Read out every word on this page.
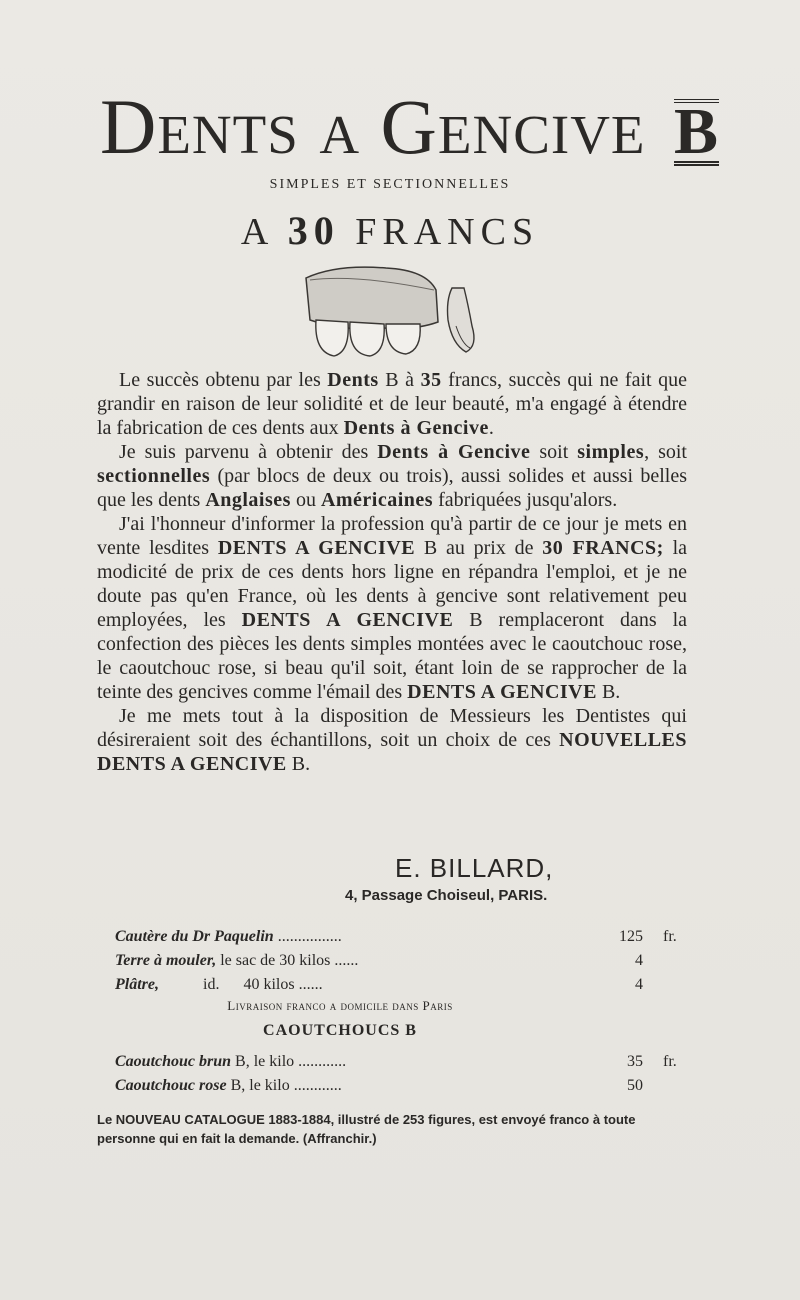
Dents a Gencive B
SIMPLES ET SECTIONNELLES
A 30 FRANCS

Le succès obtenu par les Dents B à 35 francs, succès qui ne fait que grandir en raison de leur solidité et de leur beauté, m'a engagé à étendre la fabrication de ces dents aux Dents à Gencive.

Je suis parvenu à obtenir des Dents à Gencive soit simples, soit sectionnelles (par blocs de deux ou trois), aussi solides et aussi belles que les dents Anglaises ou Américaines fabriquées jusqu'alors.

J'ai l'honneur d'informer la profession qu'à partir de ce jour je mets en vente lesdites DENTS A GENCIVE B au prix de 30 FRANCS; la modicité de prix de ces dents hors ligne en répandra l'emploi, et je ne doute pas qu'en France, où les dents à gencive sont relativement peu employées, les DENTS A GENCIVE B remplaceront dans la confection des pièces les dents simples montées avec le caoutchouc rose, le caoutchouc rose, si beau qu'il soit, étant loin de se rapprocher de la teinte des gencives comme l'émail des DENTS A GENCIVE B.

Je me mets tout à la disposition de Messieurs les Dentistes qui désireraient soit des échantillons, soit un choix de ces NOUVELLES DENTS A GENCIVE B.

E. BILLARD,
4, Passage Choiseul, PARIS.
Cautère du Dr Paquelin ................	125 fr.
Terre à mouler, le sac de 30 kilos ......	4
Plâtre,           id.      40 kilos ......	4
Livraison franco a domicile dans Paris
CAOUTCHOUCS B
Caoutchouc brun B, le kilo ............	35 fr.
Caoutchouc rose B, le kilo ............	50
Le NOUVEAU CATALOGUE 1883-1884, illustré de 253 figures, est envoyé franco à toute personne qui en fait la demande. (Affranchir.)
